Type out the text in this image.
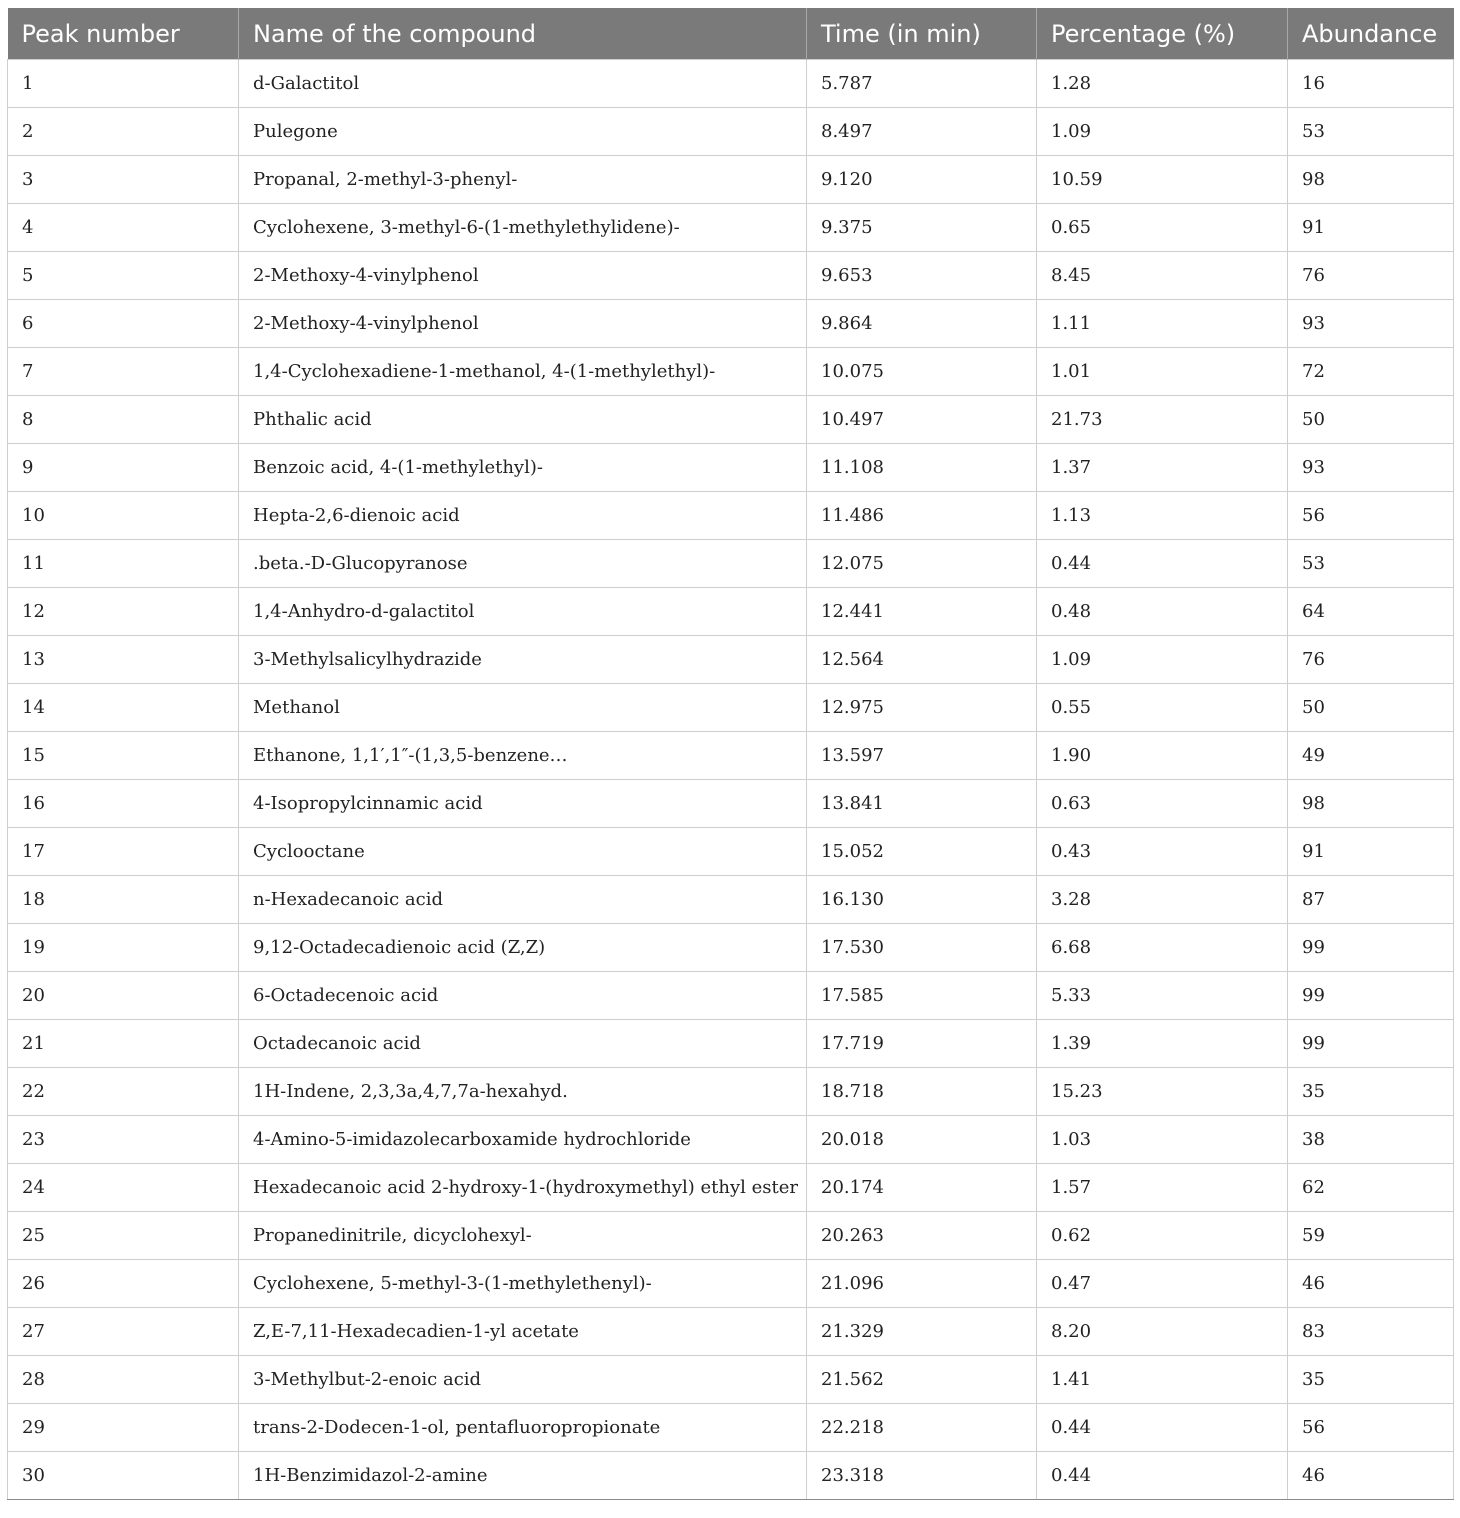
Peak number	Name of the compound	Time (in min)	Percentage (%)	Abundance
1	d-Galactitol	5.787	1.28	16
2	Pulegone	8.497	1.09	53
3	Propanal, 2-methyl-3-phenyl-	9.120	10.59	98
4	Cyclohexene, 3-methyl-6-(1-methylethylidene)-	9.375	0.65	91
5	2-Methoxy-4-vinylphenol	9.653	8.45	76
6	2-Methoxy-4-vinylphenol	9.864	1.11	93
7	1,4-Cyclohexadiene-1-methanol, 4-(1-methylethyl)-	10.075	1.01	72
8	Phthalic acid	10.497	21.73	50
9	Benzoic acid, 4-(1-methylethyl)-	11.108	1.37	93
10	Hepta-2,6-dienoic acid	11.486	1.13	56
11	.beta.-D-Glucopyranose	12.075	0.44	53
12	1,4-Anhydro-d-galactitol	12.441	0.48	64
13	3-Methylsalicylhydrazide	12.564	1.09	76
14	Methanol	12.975	0.55	50
15	Ethanone, 1,1′,1″-(1,3,5-benzene…	13.597	1.90	49
16	4-Isopropylcinnamic acid	13.841	0.63	98
17	Cyclooctane	15.052	0.43	91
18	n-Hexadecanoic acid	16.130	3.28	87
19	9,12-Octadecadienoic acid (Z,Z)	17.530	6.68	99
20	6-Octadecenoic acid	17.585	5.33	99
21	Octadecanoic acid	17.719	1.39	99
22	1H-Indene, 2,3,3a,4,7,7a-hexahyd.	18.718	15.23	35
23	4-Amino-5-imidazolecarboxamide hydrochloride	20.018	1.03	38
24	Hexadecanoic acid 2-hydroxy-1-(hydroxymethyl) ethyl ester	20.174	1.57	62
25	Propanedinitrile, dicyclohexyl-	20.263	0.62	59
26	Cyclohexene, 5-methyl-3-(1-methylethenyl)-	21.096	0.47	46
27	Z,E-7,11-Hexadecadien-1-yl acetate	21.329	8.20	83
28	3-Methylbut-2-enoic acid	21.562	1.41	35
29	trans-2-Dodecen-1-ol, pentafluoropropionate	22.218	0.44	56
30	1H-Benzimidazol-2-amine	23.318	0.44	46
